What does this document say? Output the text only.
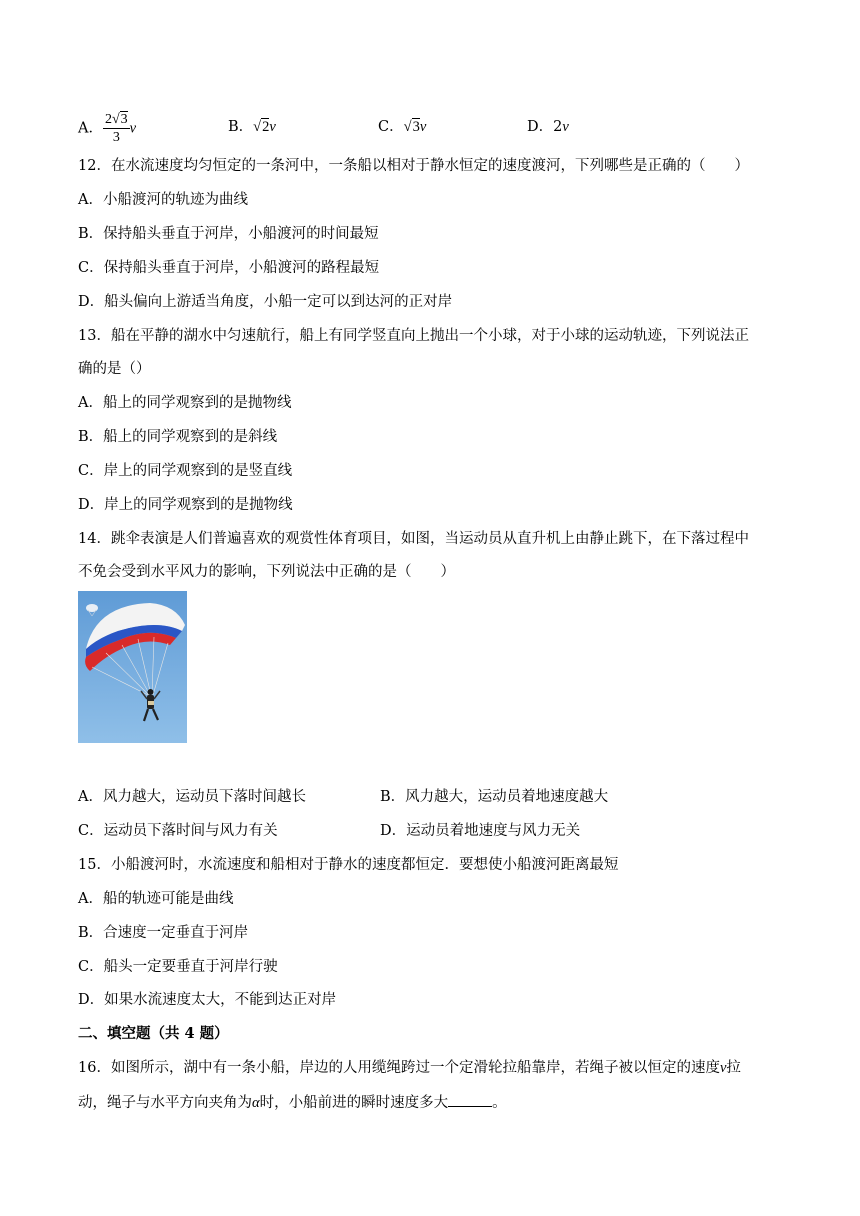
A． $\frac{2√3}{3}$ v	B．√2v	C．√3v	D．2v
12．在水流速度均匀恒定的一条河中，一条船以相对于静水恒定的速度渡河，下列哪些是正确的（　　）
A．小船渡河的轨迹为曲线
B．保持船头垂直于河岸，小船渡河的时间最短
C．保持船头垂直于河岸，小船渡河的路程最短
D．船头偏向上游适当角度，小船一定可以到达河的正对岸
13．船在平静的湖水中匀速航行，船上有同学竖直向上抛出一个小球，对于小球的运动轨迹，下列说法正
确的是（）
A．船上的同学观察到的是抛物线
B．船上的同学观察到的是斜线
C．岸上的同学观察到的是竖直线
D．岸上的同学观察到的是抛物线
14．跳伞表演是人们普遍喜欢的观赏性体育项目，如图，当运动员从直升机上由静止跳下，在下落过程中
不免会受到水平风力的影响，下列说法中正确的是（　　）
A．风力越大，运动员下落时间越长	B．风力越大，运动员着地速度越大
C．运动员下落时间与风力有关	D．运动员着地速度与风力无关
15．小船渡河时，水流速度和船相对于静水的速度都恒定．要想使小船渡河距离最短
A．船的轨迹可能是曲线
B．合速度一定垂直于河岸
C．船头一定要垂直于河岸行驶
D．如果水流速度太大，不能到达正对岸
二、填空题（共 4 题）
16．如图所示，湖中有一条小船，岸边的人用缆绳跨过一个定滑轮拉船靠岸，若绳子被以恒定的速度v拉
动，绳子与水平方向夹角为α时，小船前进的瞬时速度多大	。
